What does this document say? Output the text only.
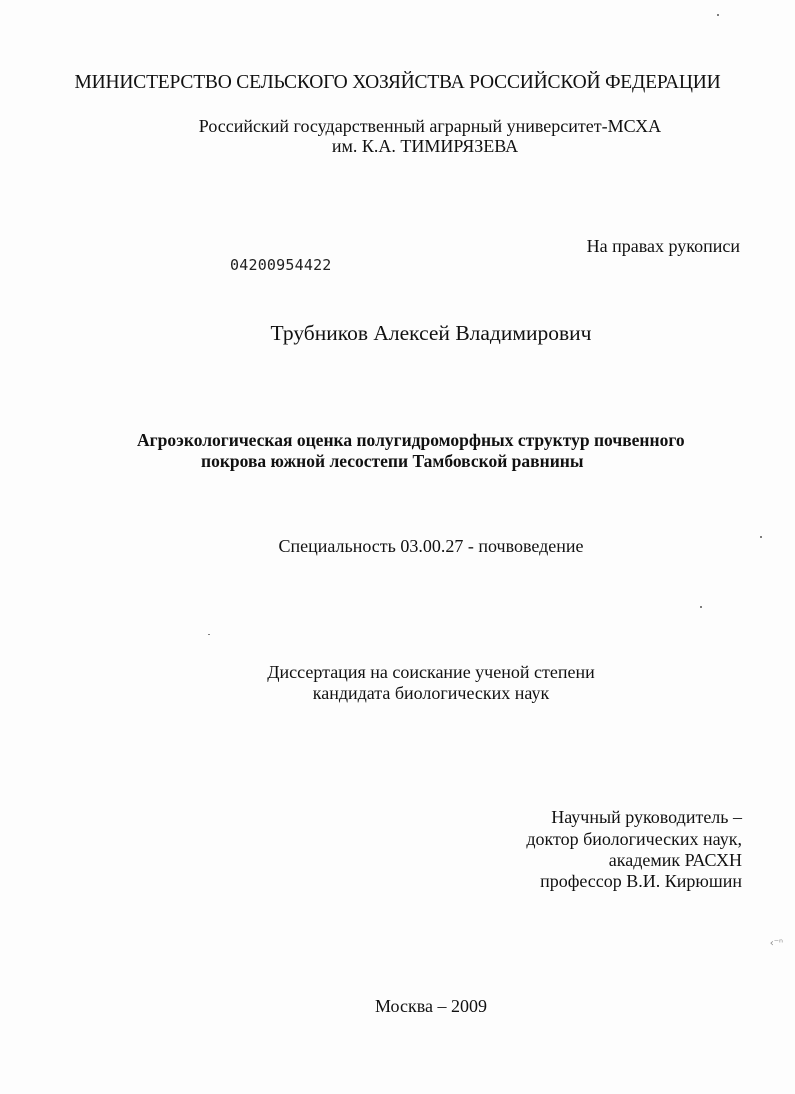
МИНИСТЕРСТВО СЕЛЬСКОГО ХОЗЯЙСТВА РОССИЙСКОЙ ФЕДЕРАЦИИ
Российский государственный аграрный университет-МСХА
им. К.А. ТИМИРЯЗЕВА
На правах рукописи
04200954422
Трубников Алексей Владимирович
Агроэкологическая оценка полугидроморфных структур почвенного
покрова южной лесостепи Тамбовской равнины
Специальность 03.00.27 - почвоведение
Диссертация на соискание ученой степени
кандидата биологических наук
Научный руководитель –
доктор биологических наук,
академик РАСХН
профессор В.И. Кирюшин
Москва – 2009
‹⁻ⁿ
